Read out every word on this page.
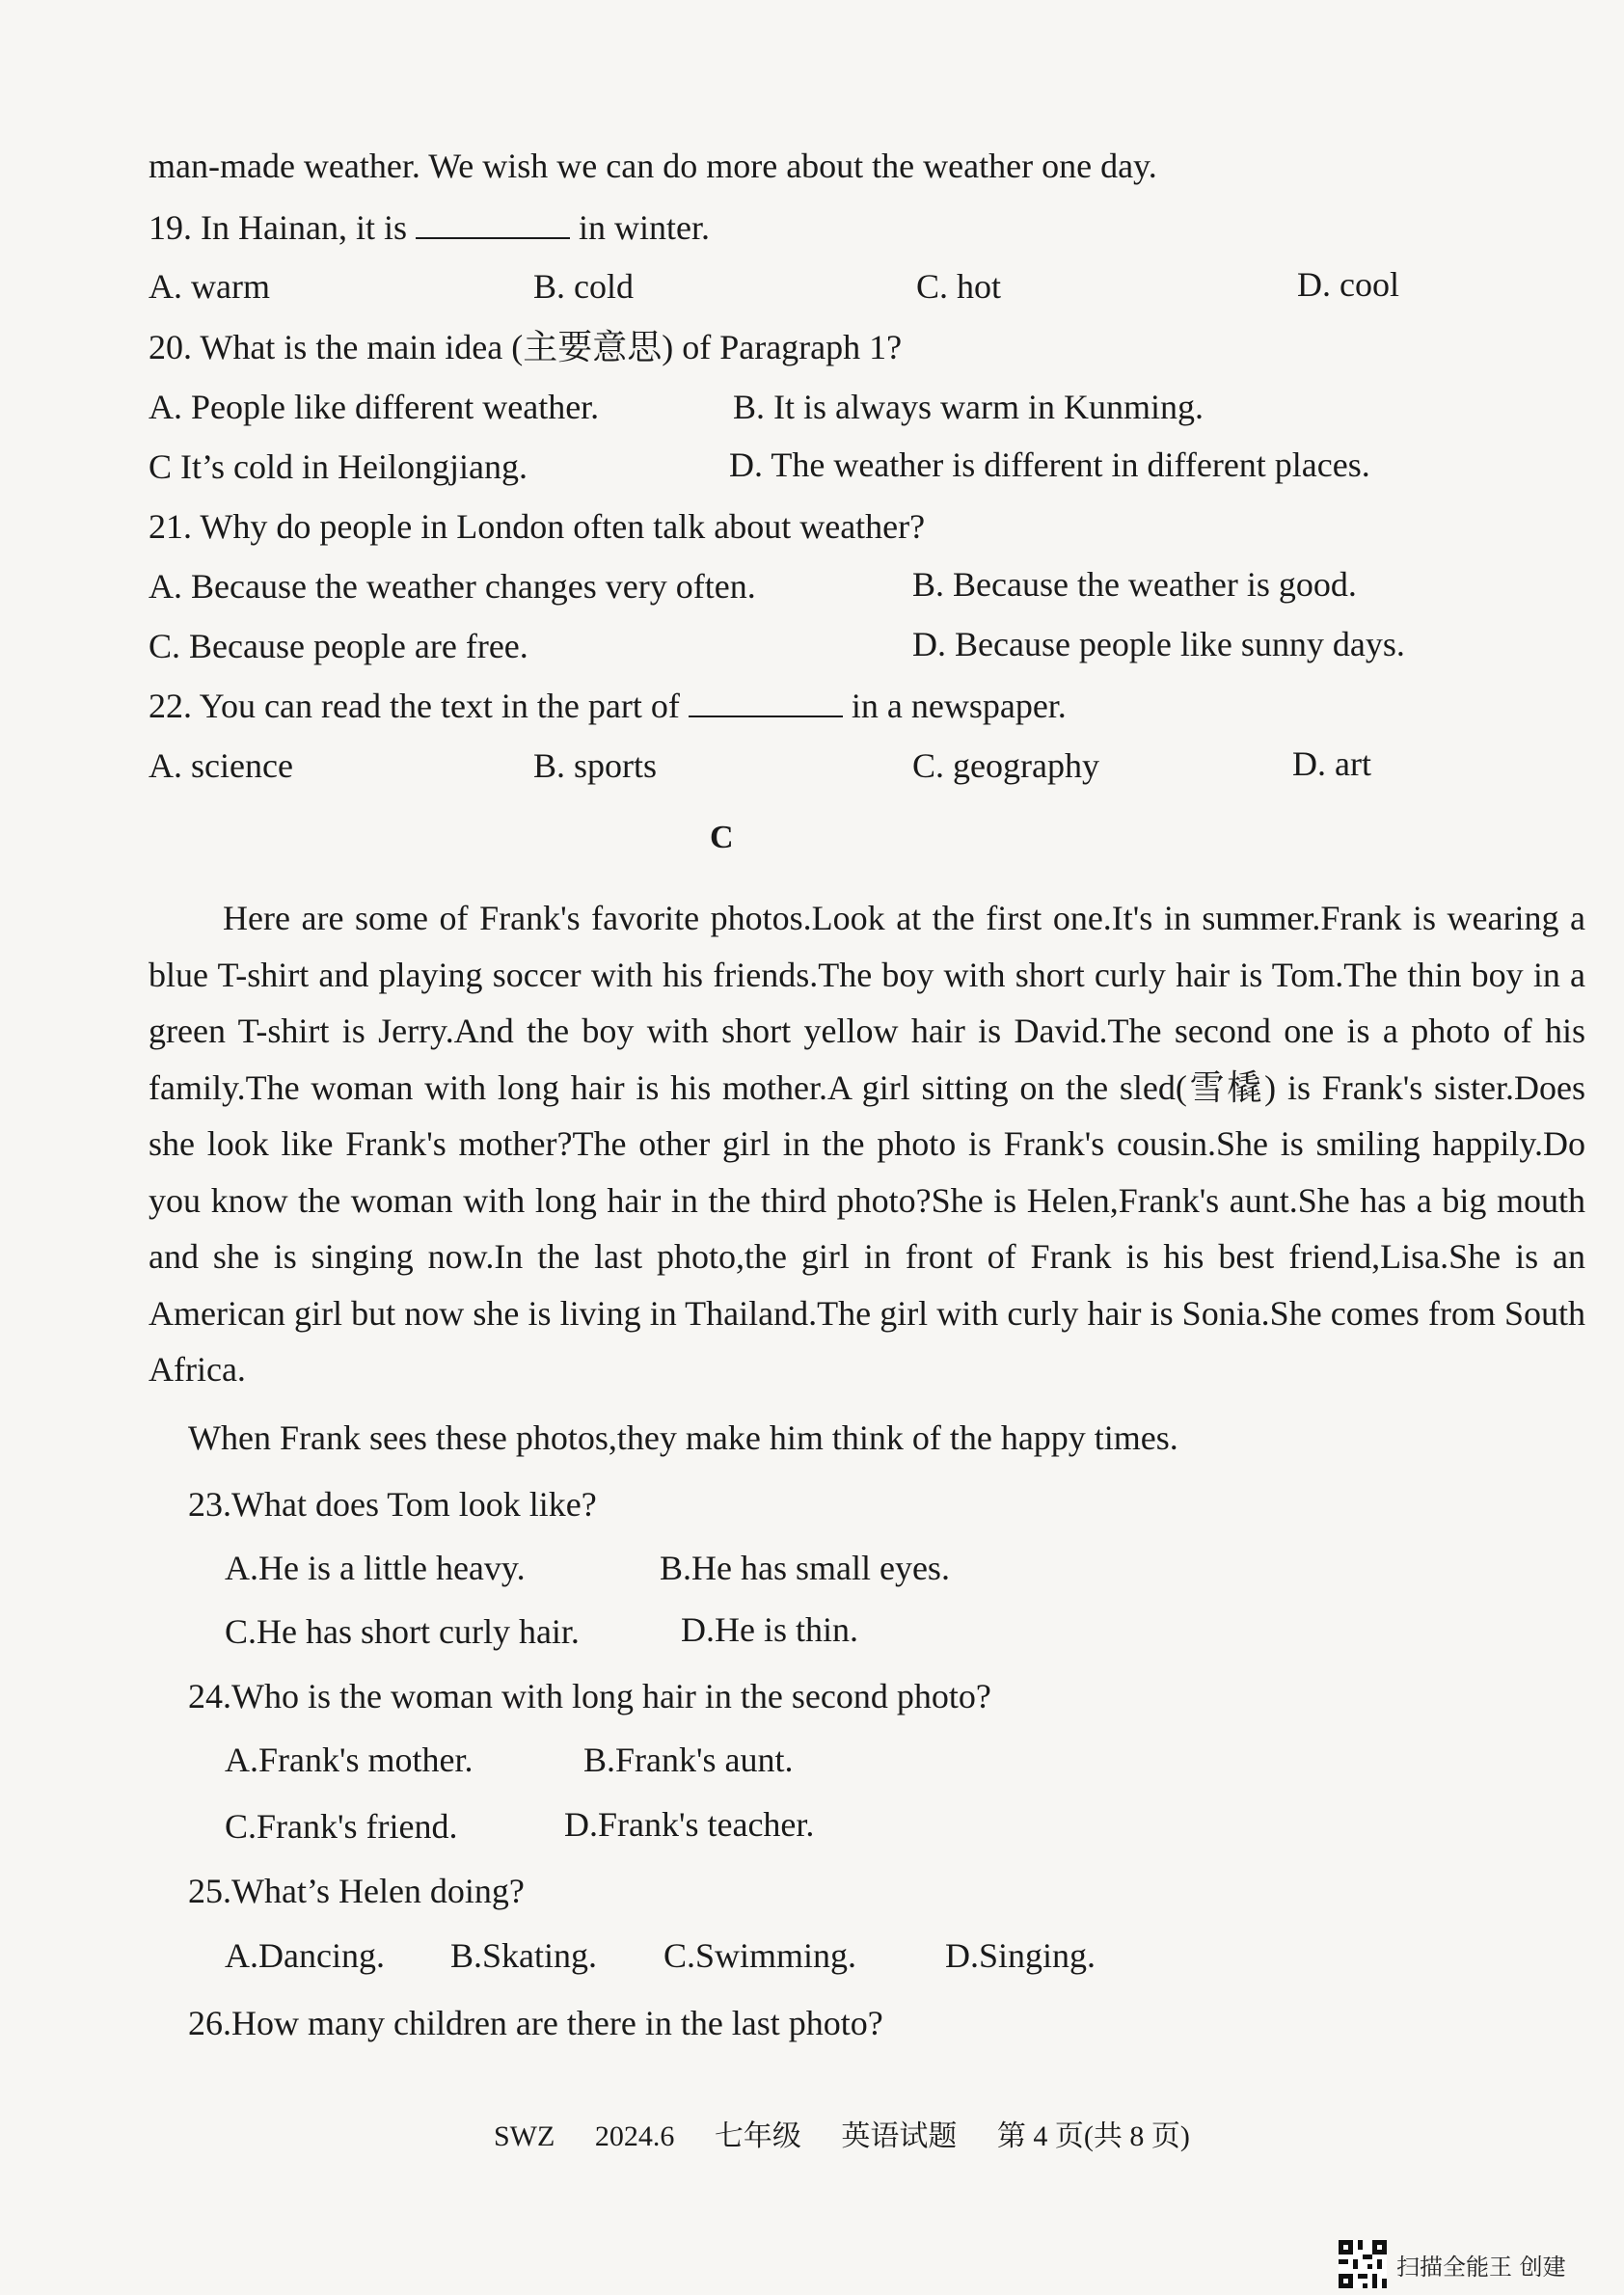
man-made weather. We wish we can do more about the weather one day.
19. In Hainan, it is	in winter.
A. warm	B. cold	C. hot	D. cool
20. What is the main idea (主要意思) of Paragraph 1?
A. People like different weather.	B. It is always warm in Kunming.
C It’s cold in Heilongjiang.	D. The weather is different in different places.
21. Why do people in London often talk about weather?
A. Because the weather changes very often.	B. Because the weather is good.
C. Because people are free.	D. Because people like sunny days.
22. You can read the text in the part of	in a newspaper.
A. science	B. sports	C. geography	D. art
C

Here are some of Frank's favorite photos.Look at the first one.It's in summer.Frank is wearing a blue T-shirt and playing soccer with his friends.The boy with short curly hair is Tom.The thin boy in a green T-shirt is Jerry.And the boy with short yellow hair is David.The second one is a photo of his family.The woman with long hair is his mother.A girl sitting on the sled(雪橇) is Frank's sister.Does she look like Frank's mother?The other girl in the photo is Frank's cousin.She is smiling happily.Do you know the woman with long hair in the third photo?She is Helen,Frank's aunt.She has a big mouth and she is singing now.In the last photo,the girl in front of Frank is his best friend,Lisa.She is an American girl but now she is living in Thailand.The girl with curly hair is Sonia.She comes from South Africa.

When Frank sees these photos,they make him think of the happy times.
23.What does Tom look like?
A.He is a little heavy.	B.He has small eyes.
C.He has short curly hair.	D.He is thin.
24.Who is the woman with long hair in the second photo?
A.Frank's mother.	B.Frank's aunt.
C.Frank's friend.	D.Frank's teacher.
25.What’s Helen doing?
A.Dancing. B.Skating. C.Swimming.	D.Singing.
26.How many children are there in the last photo?
SWZ 2024.6 七年级 英语试题 第 4 页(共 8 页)
扫描全能王 创建
